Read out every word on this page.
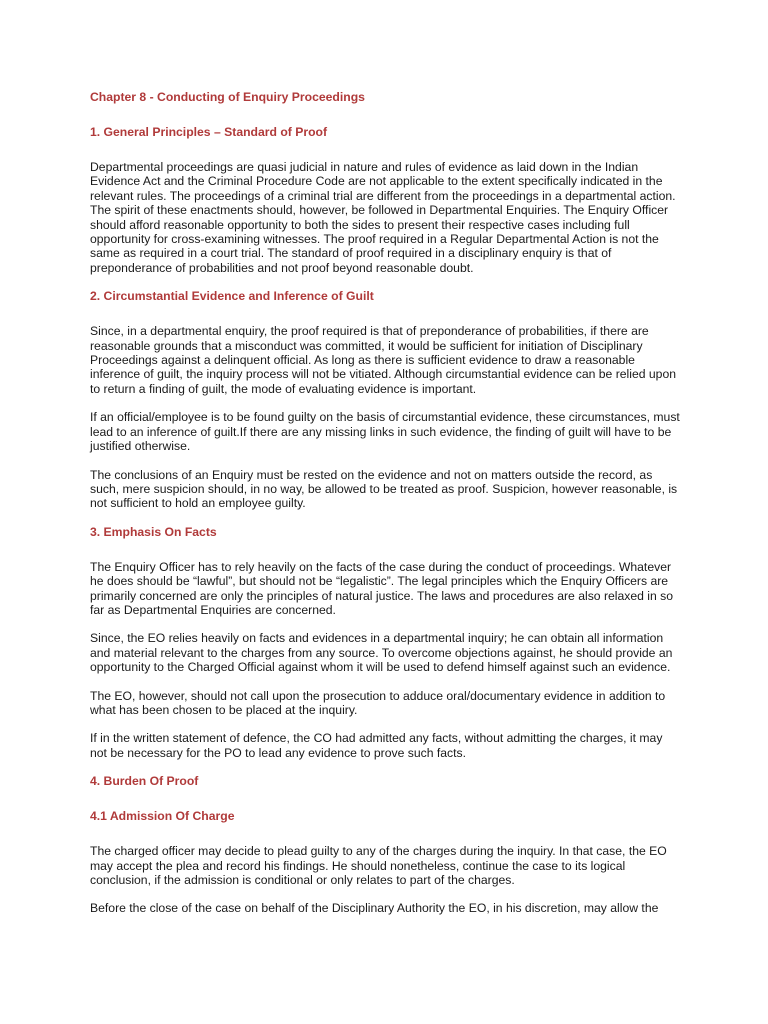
Chapter 8 - Conducting of Enquiry Proceedings
1. General Principles – Standard of Proof

Departmental proceedings are quasi judicial in nature and rules of evidence as laid down in the Indian Evidence Act and the Criminal Procedure Code are not applicable to the extent specifically indicated in the relevant rules. The proceedings of a criminal trial are different from the proceedings in a departmental action. The spirit of these enactments should, however, be followed in Departmental Enquiries. The Enquiry Officer should afford reasonable opportunity to both the sides to present their respective cases including full opportunity for cross-examining witnesses. The proof required in a Regular Departmental Action is not the same as required in a court trial. The standard of proof required in a disciplinary enquiry is that of preponderance of probabilities and not proof beyond reasonable doubt.

2. Circumstantial Evidence and Inference of Guilt

Since, in a departmental enquiry, the proof required is that of preponderance of probabilities, if there are reasonable grounds that a misconduct was committed, it would be sufficient for initiation of Disciplinary Proceedings against a delinquent official. As long as there is sufficient evidence to draw a reasonable inference of guilt, the inquiry process will not be vitiated. Although circumstantial evidence can be relied upon to return a finding of guilt, the mode of evaluating evidence is important.

If an official/employee is to be found guilty on the basis of circumstantial evidence, these circumstances, must lead to an inference of guilt.If there are any missing links in such evidence, the finding of guilt will have to be justified otherwise.

The conclusions of an Enquiry must be rested on the evidence and not on matters outside the record, as such, mere suspicion should, in no way, be allowed to be treated as proof. Suspicion, however reasonable, is not sufficient to hold an employee guilty.

3. Emphasis On Facts

The Enquiry Officer has to rely heavily on the facts of the case during the conduct of proceedings. Whatever he does should be “lawful”, but should not be “legalistic”. The legal principles which the Enquiry Officers are primarily concerned are only the principles of natural justice. The laws and procedures are also relaxed in so far as Departmental Enquiries are concerned.

Since, the EO relies heavily on facts and evidences in a departmental inquiry; he can obtain all information and material relevant to the charges from any source. To overcome objections against, he should provide an opportunity to the Charged Official against whom it will be used to defend himself against such an evidence.

The EO, however, should not call upon the prosecution to adduce oral/documentary evidence in addition to what has been chosen to be placed at the inquiry.

If in the written statement of defence, the CO had admitted any facts, without admitting the charges, it may not be necessary for the PO to lead any evidence to prove such facts.

4. Burden Of Proof
4.1 Admission Of Charge

The charged officer may decide to plead guilty to any of the charges during the inquiry. In that case, the EO may accept the plea and record his findings. He should nonetheless, continue the case to its logical conclusion, if the admission is conditional or only relates to part of the charges.

Before the close of the case on behalf of the Disciplinary Authority the EO, in his discretion, may allow the
